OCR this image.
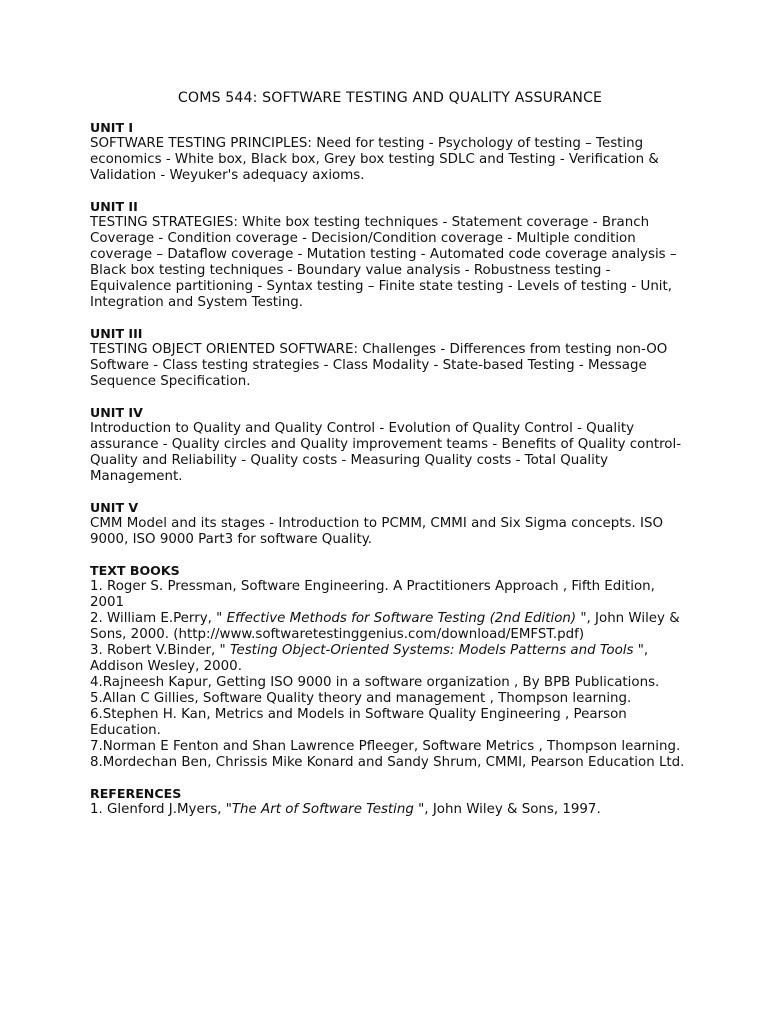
COMS 544: SOFTWARE TESTING AND QUALITY ASSURANCE
UNIT I

SOFTWARE TESTING PRINCIPLES: Need for testing - Psychology of testing – Testing economics - White box, Black box, Grey box testing SDLC and Testing - Verification & Validation - Weyuker's adequacy axioms.

UNIT II

TESTING STRATEGIES: White box testing techniques - Statement coverage - Branch Coverage - Condition coverage - Decision/Condition coverage - Multiple condition coverage – Dataflow coverage - Mutation testing - Automated code coverage analysis – Black box testing techniques - Boundary value analysis - Robustness testing - Equivalence partitioning - Syntax testing – Finite state testing - Levels of testing - Unit, Integration and System Testing.

UNIT III

TESTING OBJECT ORIENTED SOFTWARE: Challenges - Differences from testing non-OO Software - Class testing strategies - Class Modality - State-based Testing - Message Sequence Specification.

UNIT IV

Introduction to Quality and Quality Control - Evolution of Quality Control - Quality assurance - Quality circles and Quality improvement teams - Benefits of Quality control- Quality and Reliability - Quality costs - Measuring Quality costs - Total Quality Management.

UNIT V

CMM Model and its stages - Introduction to PCMM, CMMI and Six Sigma concepts. ISO 9000, ISO 9000 Part3 for software Quality.

TEXT BOOKS

1. Roger S. Pressman, Software Engineering. A Practitioners Approach , Fifth Edition, 2001

2. William E.Perry, " Effective Methods for Software Testing (2nd Edition) ", John Wiley & Sons, 2000. (http://www.softwaretestinggenius.com/download/EMFST.pdf)

3. Robert V.Binder, " Testing Object-Oriented Systems: Models Patterns and Tools ", Addison Wesley, 2000.

4.Rajneesh Kapur, Getting ISO 9000 in a software organization , By BPB Publications.

5.Allan C Gillies, Software Quality theory and management , Thompson learning.

6.Stephen H. Kan, Metrics and Models in Software Quality Engineering , Pearson Education.

7.Norman E Fenton and Shan Lawrence Pfleeger, Software Metrics , Thompson learning.

8.Mordechan Ben, Chrissis Mike Konard and Sandy Shrum, CMMI, Pearson Education Ltd.

REFERENCES

1. Glenford J.Myers, "The Art of Software Testing ", John Wiley & Sons, 1997.
